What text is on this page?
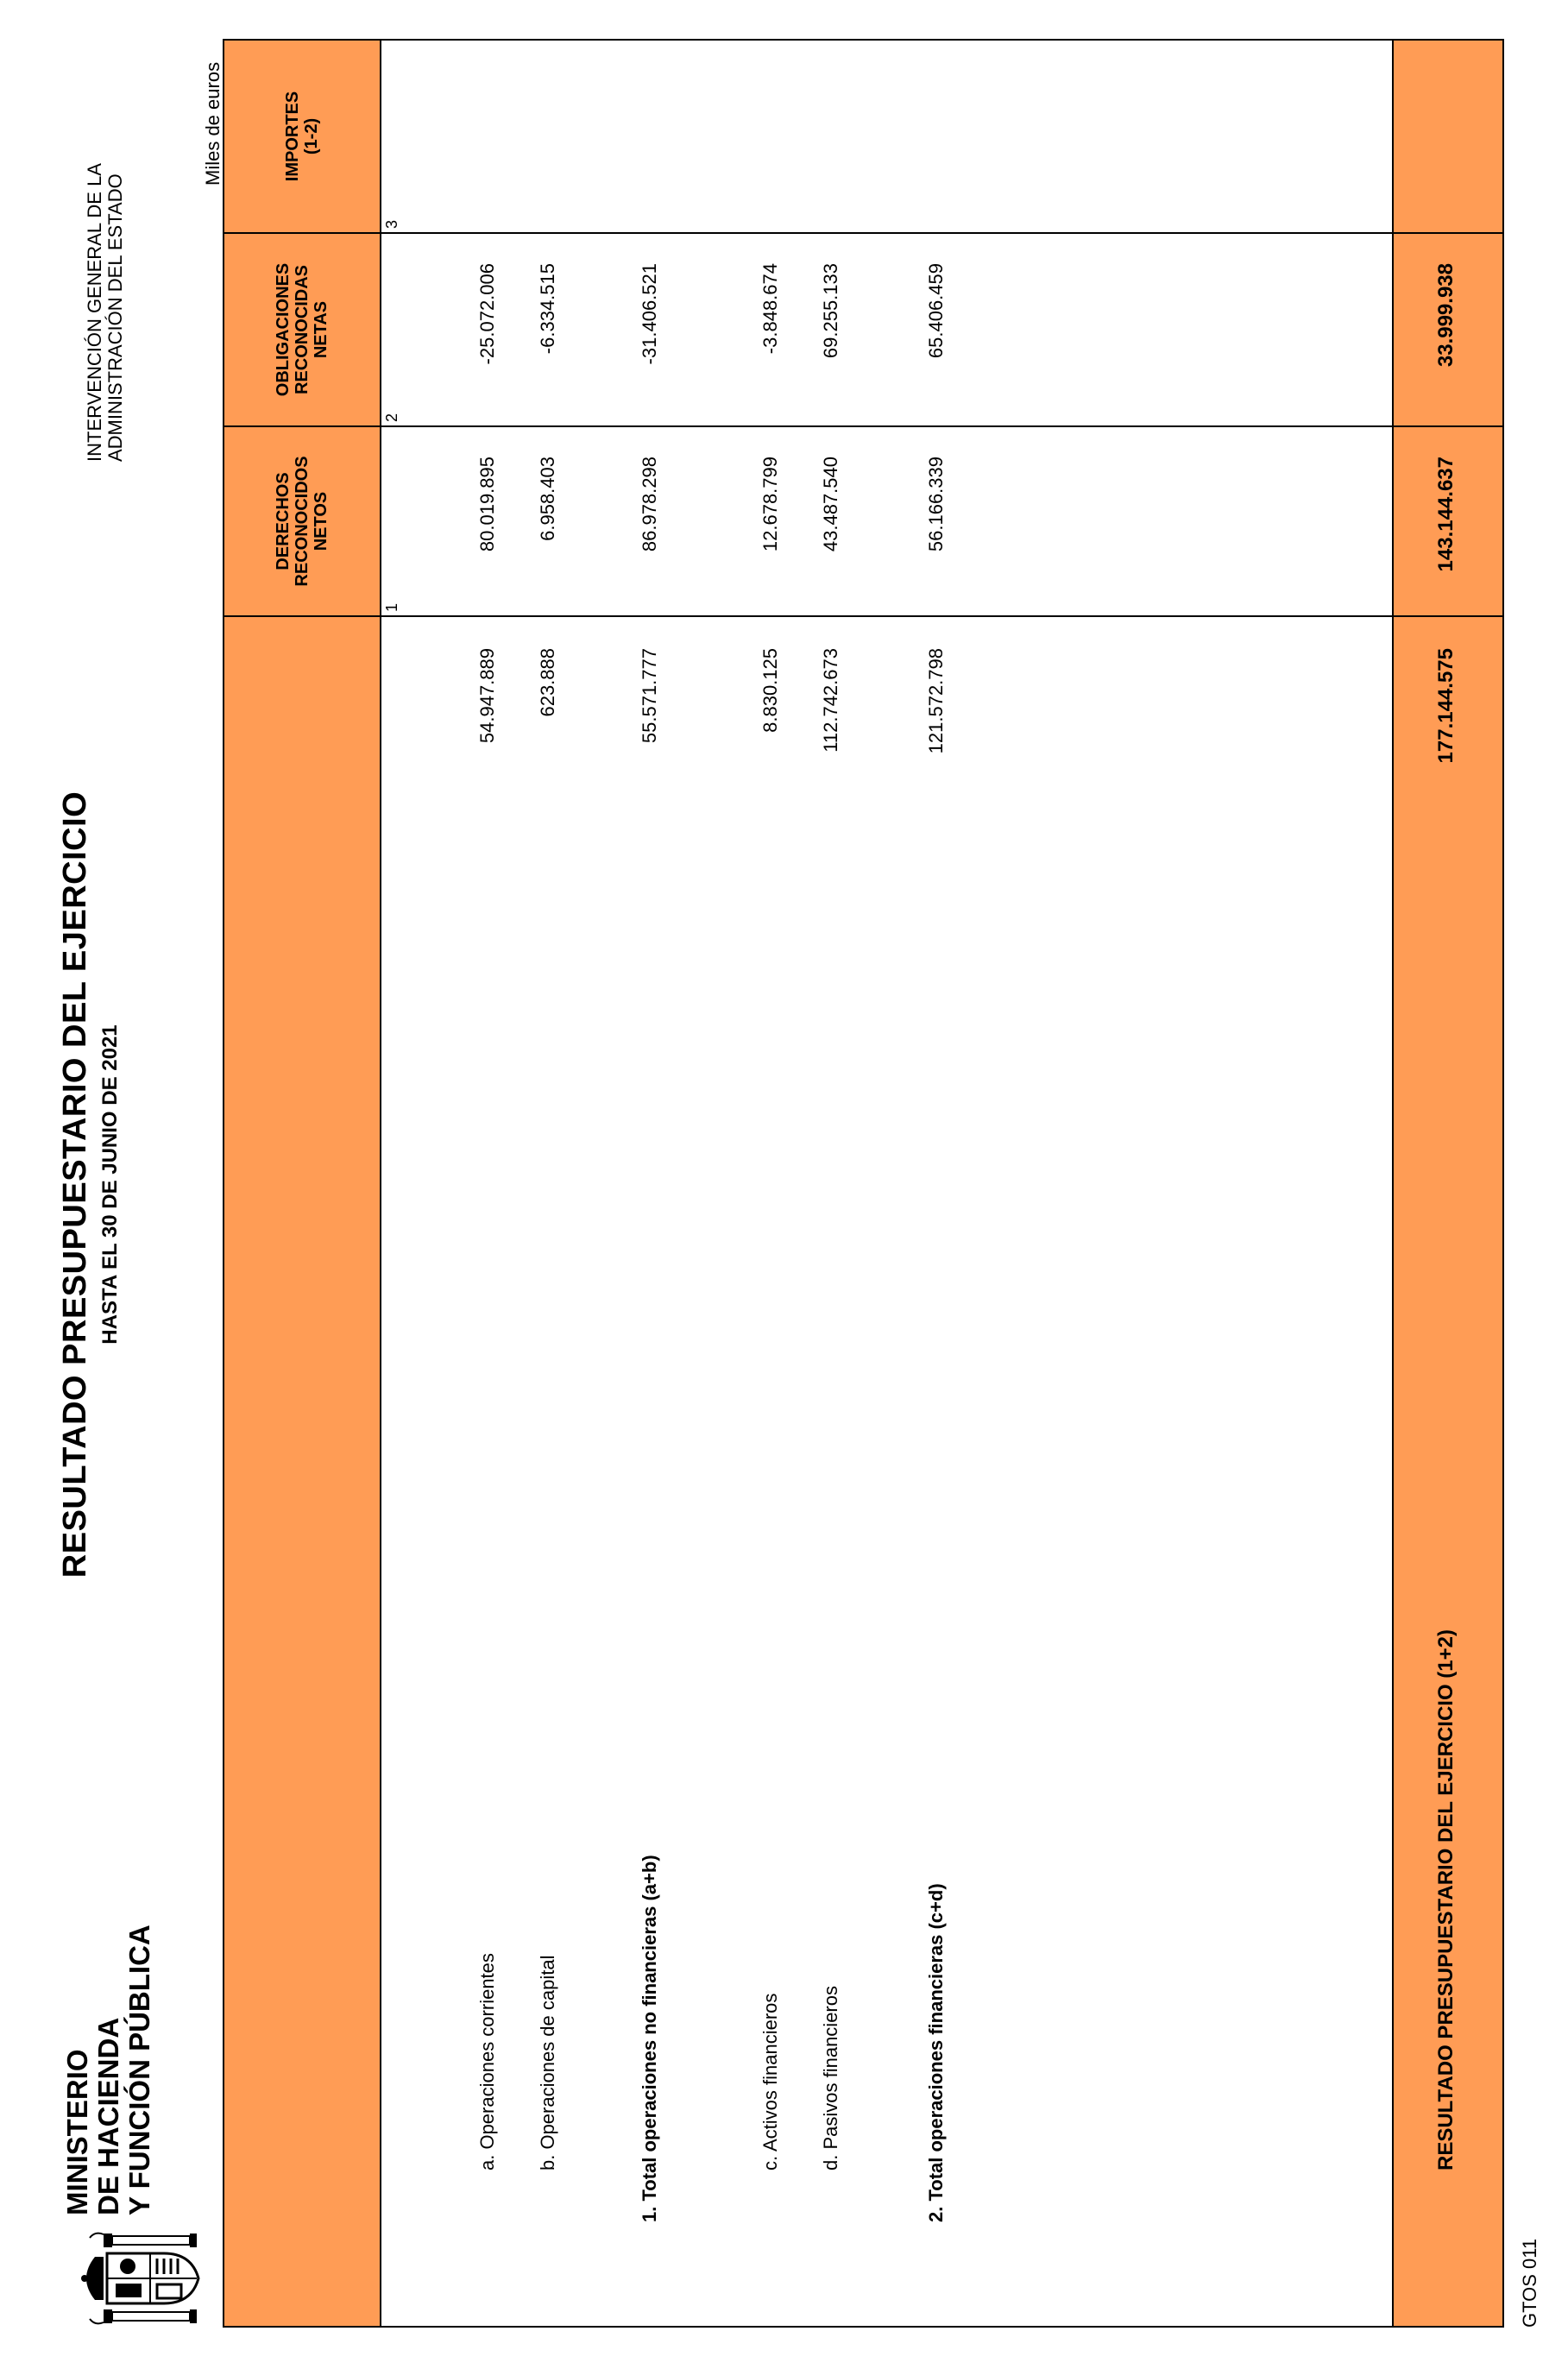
MINISTERIO DE HACIENDA Y FUNCIÓN PÚBLICA
RESULTADO PRESUPUESTARIO DEL EJERCICIO HASTA EL 30 DE JUNIO DE 2021
INTERVENCIÓN GENERAL DE LA ADMINISTRACIÓN DEL ESTADO
Miles de euros
DERECHOS RECONOCIDOS NETOS
OBLIGACIONES RECONOCIDAS NETAS
IMPORTES (1-2)
1
2
3
a. Operaciones corrientes
54.947.889
80.019.895
-25.072.006
b. Operaciones de capital
623.888
6.958.403
-6.334.515
1. Total operaciones no financieras (a+b)
55.571.777
86.978.298
-31.406.521
c. Activos financieros
8.830.125
12.678.799
-3.848.674
d. Pasivos financieros
112.742.673
43.487.540
69.255.133
2. Total operaciones financieras (c+d)
121.572.798
56.166.339
65.406.459
RESULTADO PRESUPUESTARIO DEL EJERCICIO (1+2)
177.144.575
143.144.637
33.999.938
GTOS 011
